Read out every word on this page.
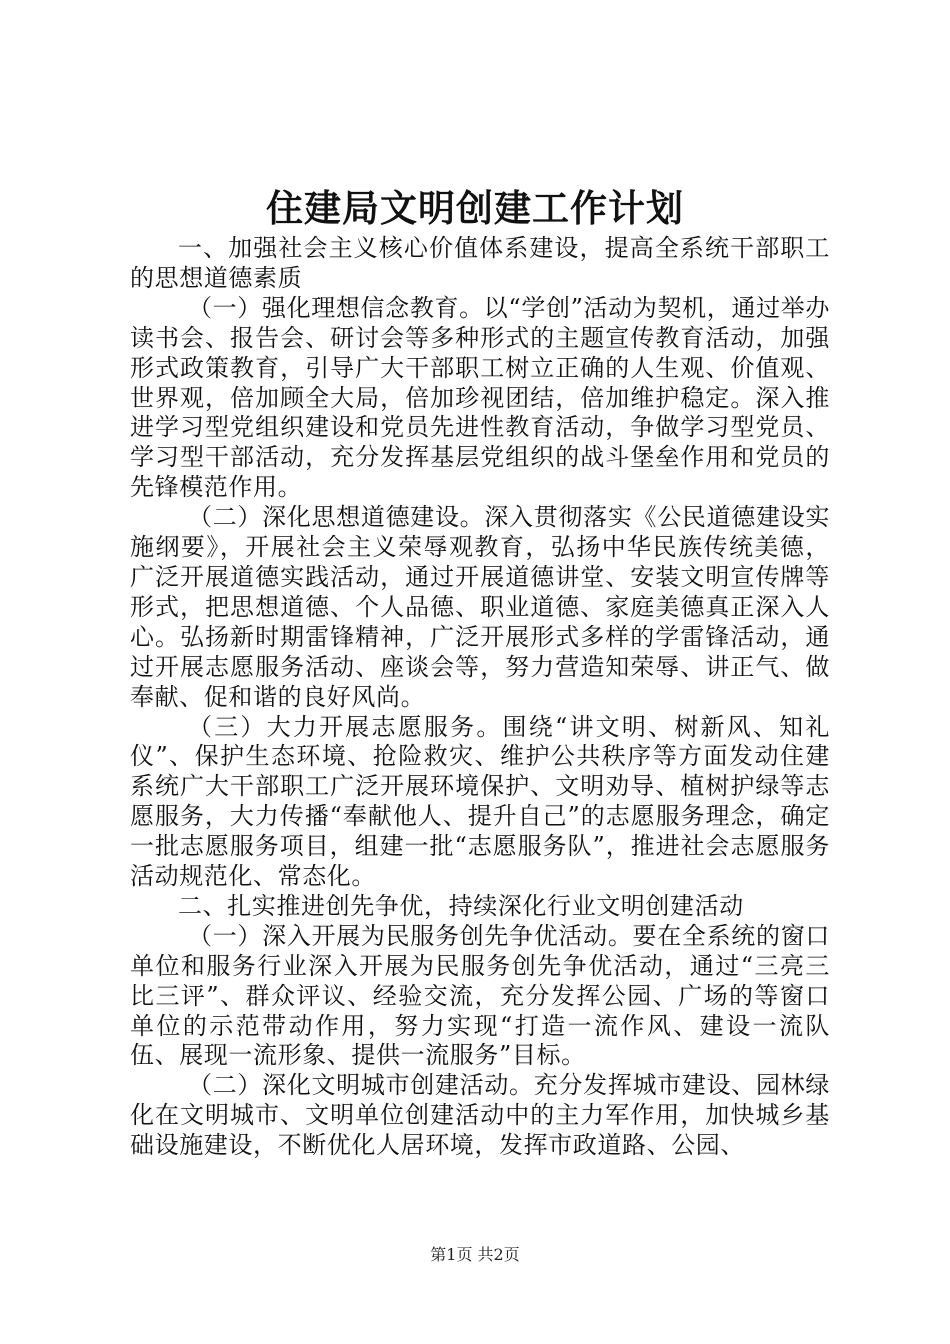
住建局文明创建工作计划

一、加强社会主义核心价值体系建设，提高全系统干部职工的思想道德素质

（一）强化理想信念教育。以“学创”活动为契机，通过举办读书会、报告会、研讨会等多种形式的主题宣传教育活动，加强形式政策教育，引导广大干部职工树立正确的人生观、价值观、世界观，倍加顾全大局，倍加珍视团结，倍加维护稳定。深入推进学习型党组织建设和党员先进性教育活动，争做学习型党员、学习型干部活动，充分发挥基层党组织的战斗堡垒作用和党员的先锋模范作用。

（二）深化思想道德建设。深入贯彻落实《公民道德建设实施纲要》，开展社会主义荣辱观教育，弘扬中华民族传统美德，广泛开展道德实践活动，通过开展道德讲堂、安装文明宣传牌等形式，把思想道德、个人品德、职业道德、家庭美德真正深入人心。弘扬新时期雷锋精神，广泛开展形式多样的学雷锋活动，通过开展志愿服务活动、座谈会等，努力营造知荣辱、讲正气、做奉献、促和谐的良好风尚。

（三）大力开展志愿服务。围绕“讲文明、树新风、知礼仪”、保护生态环境、抢险救灾、维护公共秩序等方面发动住建系统广大干部职工广泛开展环境保护、文明劝导、植树护绿等志愿服务，大力传播“奉献他人、提升自己”的志愿服务理念，确定一批志愿服务项目，组建一批“志愿服务队”，推进社会志愿服务活动规范化、常态化。

二、扎实推进创先争优，持续深化行业文明创建活动

（一）深入开展为民服务创先争优活动。要在全系统的窗口单位和服务行业深入开展为民服务创先争优活动，通过“三亮三比三评”、群众评议、经验交流，充分发挥公园、广场的等窗口单位的示范带动作用，努力实现“打造一流作风、建设一流队伍、展现一流形象、提供一流服务”目标。

（二）深化文明城市创建活动。充分发挥城市建设、园林绿化在文明城市、文明单位创建活动中的主力军作用，加快城乡基础设施建设，不断优化人居环境，发挥市政道路、公园、

第1页 共2页
